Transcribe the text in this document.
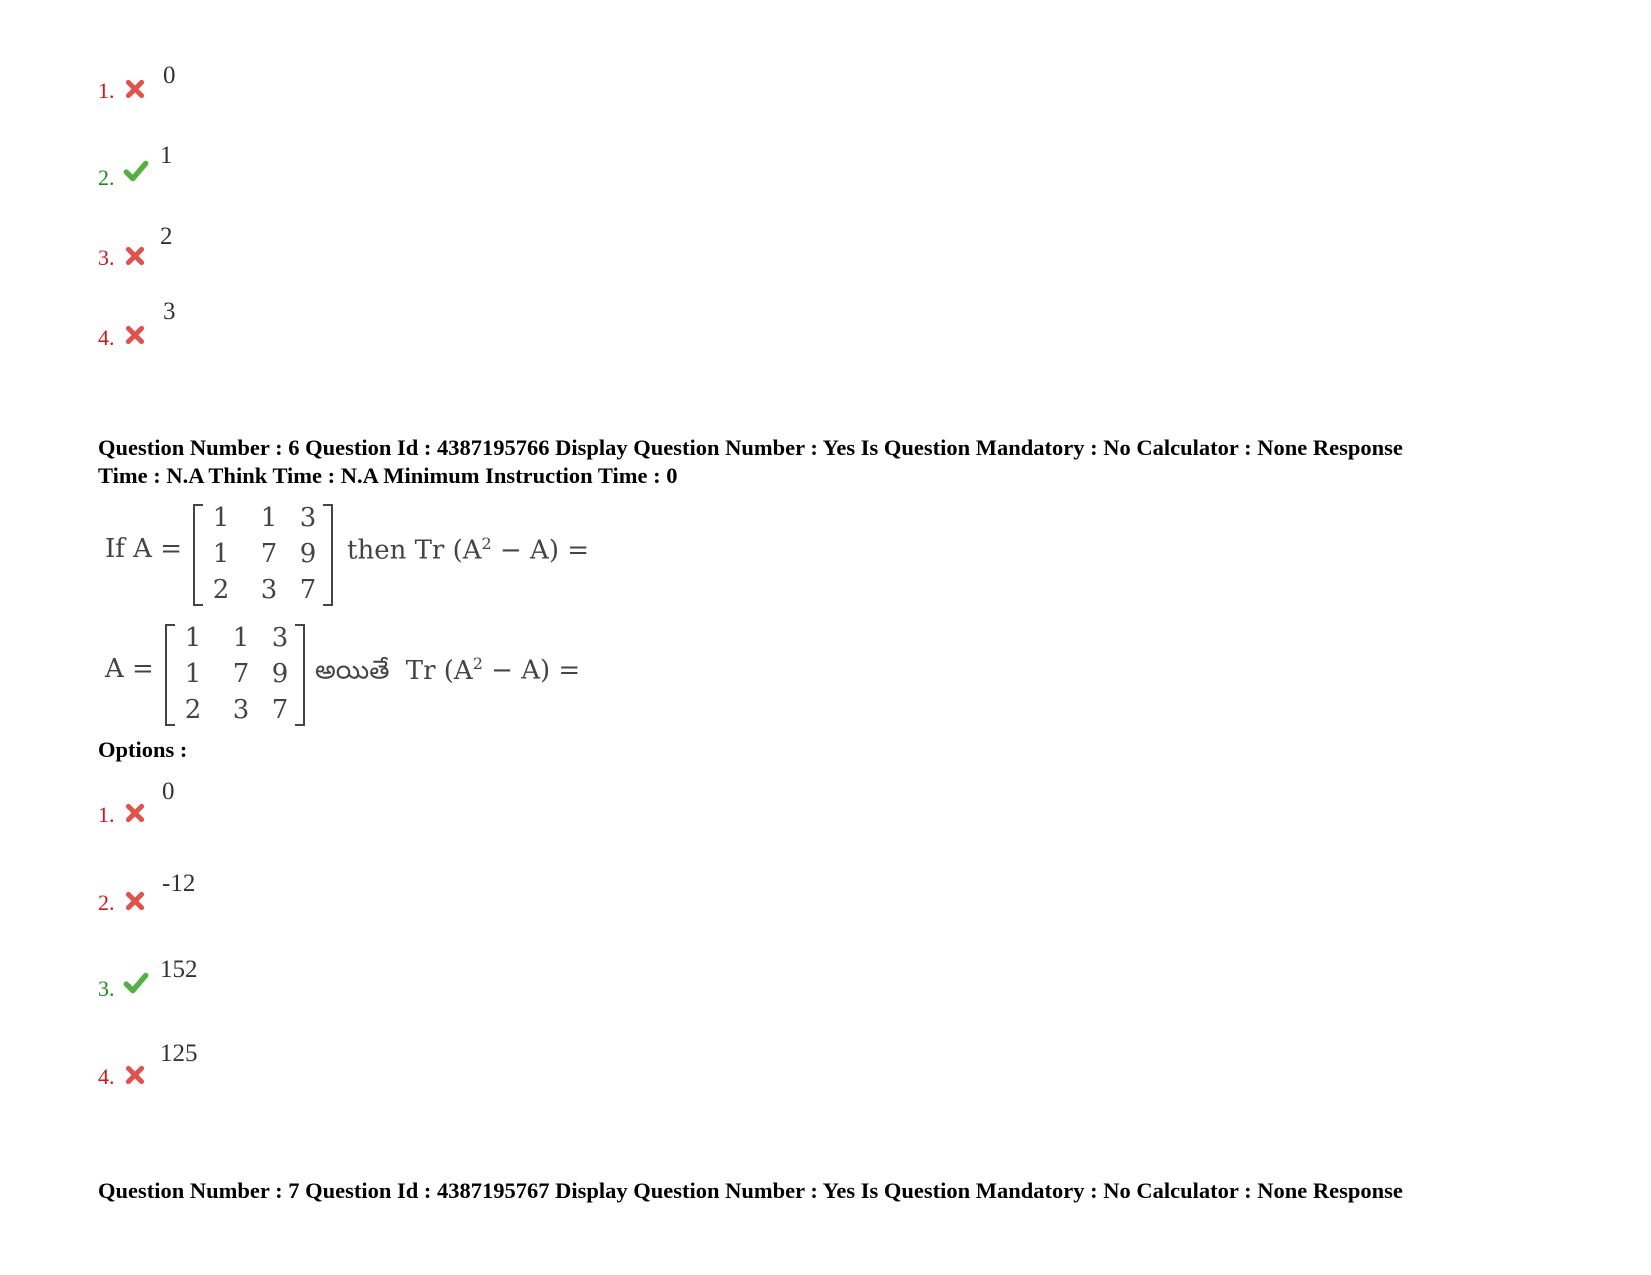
1.
0
2.
1
3.
2
4.
3
Question Number : 6 Question Id : 4387195766 Display Question Number : Yes Is Question Mandatory : No Calculator : None Response
Time : N.A Think Time : N.A Minimum Instruction Time : 0
If A =
1	1 3
1	7 9
2	3 7
then Tr $(A^2 - A)$ =
A =
1	1 3
1	7 9
2	3 7
అయితే Tr $(A^2 - A)$ =
Options :
1.
0
2.
-12
3.
152
4.
125
Question Number : 7 Question Id : 4387195767 Display Question Number : Yes Is Question Mandatory : No Calculator : None Response
